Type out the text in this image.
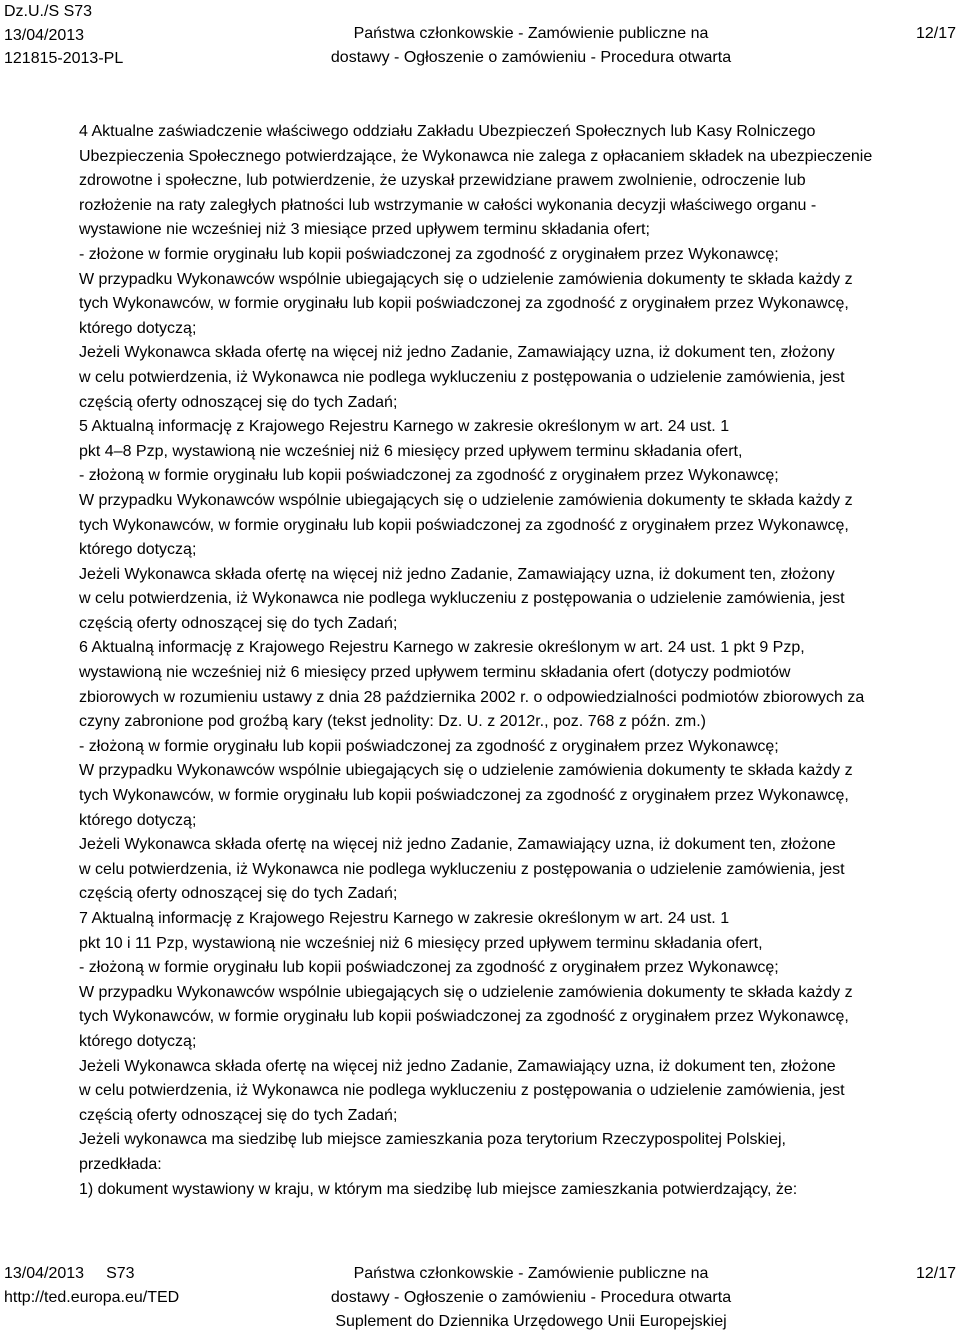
Dz.U./S S73
13/04/2013
121815-2013-PL
Państwa członkowskie - Zamówienie publiczne na
dostawy - Ogłoszenie o zamówieniu - Procedura otwarta
12/17
4 Aktualne zaświadczenie właściwego oddziału Zakładu Ubezpieczeń Społecznych lub Kasy Rolniczego
Ubezpieczenia Społecznego potwierdzające, że Wykonawca nie zalega z opłacaniem składek na ubezpieczenie
zdrowotne i społeczne, lub potwierdzenie, że uzyskał przewidziane prawem zwolnienie, odroczenie lub
rozłożenie na raty zaległych płatności lub wstrzymanie w całości wykonania decyzji właściwego organu -
wystawione nie wcześniej niż 3 miesiące przed upływem terminu składania ofert;
- złożone w formie oryginału lub kopii poświadczonej za zgodność z oryginałem przez Wykonawcę;
W przypadku Wykonawców wspólnie ubiegających się o udzielenie zamówienia dokumenty te składa każdy z
tych Wykonawców, w formie oryginału lub kopii poświadczonej za zgodność z oryginałem przez Wykonawcę,
którego dotyczą;
Jeżeli Wykonawca składa ofertę na więcej niż jedno Zadanie, Zamawiający uzna, iż dokument ten, złożony
w celu potwierdzenia, iż Wykonawca nie podlega wykluczeniu z postępowania o udzielenie zamówienia, jest
częścią oferty odnoszącej się do tych Zadań;
5 Aktualną informację z Krajowego Rejestru Karnego w zakresie określonym w art. 24 ust. 1
pkt 4–8 Pzp, wystawioną nie wcześniej niż 6 miesięcy przed upływem terminu składania ofert,
- złożoną w formie oryginału lub kopii poświadczonej za zgodność z oryginałem przez Wykonawcę;
W przypadku Wykonawców wspólnie ubiegających się o udzielenie zamówienia dokumenty te składa każdy z
tych Wykonawców, w formie oryginału lub kopii poświadczonej za zgodność z oryginałem przez Wykonawcę,
którego dotyczą;
Jeżeli Wykonawca składa ofertę na więcej niż jedno Zadanie, Zamawiający uzna, iż dokument ten, złożony
w celu potwierdzenia, iż Wykonawca nie podlega wykluczeniu z postępowania o udzielenie zamówienia, jest
częścią oferty odnoszącej się do tych Zadań;
6 Aktualną informację z Krajowego Rejestru Karnego w zakresie określonym w art. 24 ust. 1 pkt 9 Pzp,
wystawioną nie wcześniej niż 6 miesięcy przed upływem terminu składania ofert (dotyczy podmiotów
zbiorowych w rozumieniu ustawy z dnia 28 października 2002 r. o odpowiedzialności podmiotów zbiorowych za
czyny zabronione pod groźbą kary (tekst jednolity: Dz. U. z 2012r., poz. 768 z późn. zm.)
- złożoną w formie oryginału lub kopii poświadczonej za zgodność z oryginałem przez Wykonawcę;
W przypadku Wykonawców wspólnie ubiegających się o udzielenie zamówienia dokumenty te składa każdy z
tych Wykonawców, w formie oryginału lub kopii poświadczonej za zgodność z oryginałem przez Wykonawcę,
którego dotyczą;
Jeżeli Wykonawca składa ofertę na więcej niż jedno Zadanie, Zamawiający uzna, iż dokument ten, złożone
w celu potwierdzenia, iż Wykonawca nie podlega wykluczeniu z postępowania o udzielenie zamówienia, jest
częścią oferty odnoszącej się do tych Zadań;
7 Aktualną informację z Krajowego Rejestru Karnego w zakresie określonym w art. 24 ust. 1
pkt 10 i 11 Pzp, wystawioną nie wcześniej niż 6 miesięcy przed upływem terminu składania ofert,
- złożoną w formie oryginału lub kopii poświadczonej za zgodność z oryginałem przez Wykonawcę;
W przypadku Wykonawców wspólnie ubiegających się o udzielenie zamówienia dokumenty te składa każdy z
tych Wykonawców, w formie oryginału lub kopii poświadczonej za zgodność z oryginałem przez Wykonawcę,
którego dotyczą;
Jeżeli Wykonawca składa ofertę na więcej niż jedno Zadanie, Zamawiający uzna, iż dokument ten, złożone
w celu potwierdzenia, iż Wykonawca nie podlega wykluczeniu z postępowania o udzielenie zamówienia, jest
częścią oferty odnoszącej się do tych Zadań;
Jeżeli wykonawca ma siedzibę lub miejsce zamieszkania poza terytorium Rzeczypospolitej Polskiej,
przedkłada:
1) dokument wystawiony w kraju, w którym ma siedzibę lub miejsce zamieszkania potwierdzający, że:
13/04/2013 S73
http://ted.europa.eu/TED
Państwa członkowskie - Zamówienie publiczne na
dostawy - Ogłoszenie o zamówieniu - Procedura otwarta
Suplement do Dziennika Urzędowego Unii Europejskiej
12/17
